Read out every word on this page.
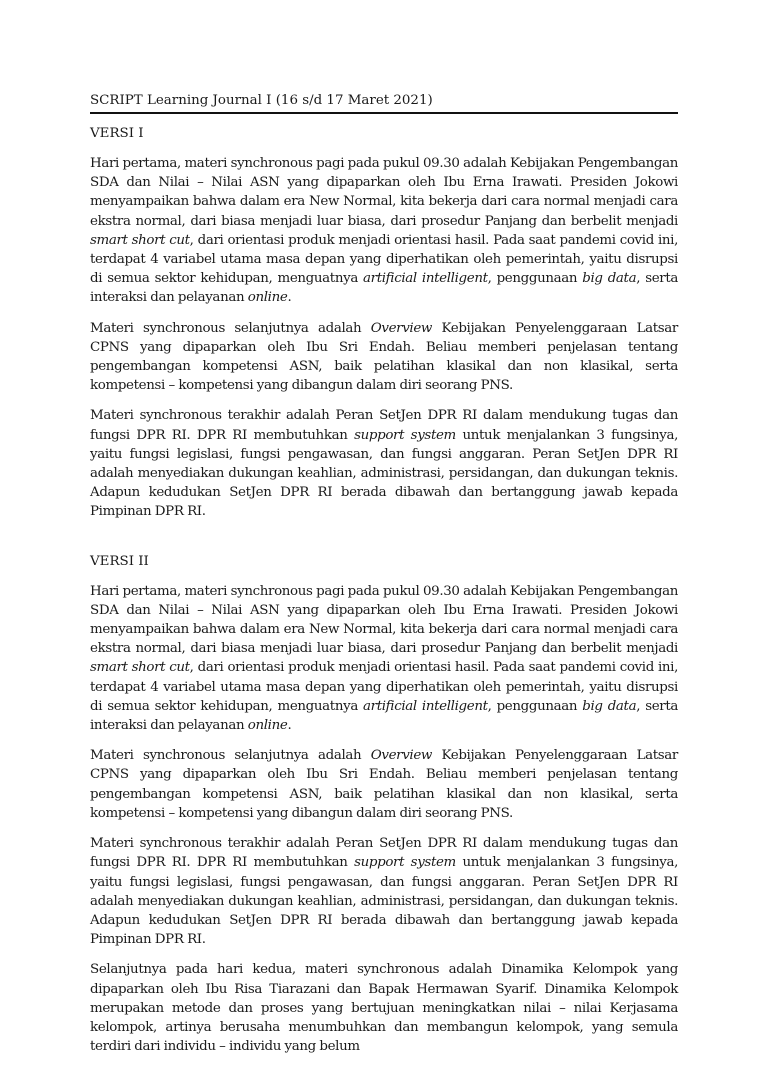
SCRIPT Learning Journal I (16 s/d 17 Maret 2021)
VERSI I

Hari pertama, materi synchronous pagi pada pukul 09.30 adalah Kebijakan Pengembangan SDA dan Nilai – Nilai ASN yang dipaparkan oleh Ibu Erna Irawati. Presiden Jokowi menyampaikan bahwa dalam era New Normal, kita bekerja dari cara normal menjadi cara ekstra normal, dari biasa menjadi luar biasa, dari prosedur Panjang dan berbelit menjadi smart short cut, dari orientasi produk menjadi orientasi hasil. Pada saat pandemi covid ini, terdapat 4 variabel utama masa depan yang diperhatikan oleh pemerintah, yaitu disrupsi di semua sektor kehidupan, menguatnya artificial intelligent, penggunaan big data, serta interaksi dan pelayanan online.

Materi synchronous selanjutnya adalah Overview Kebijakan Penyelenggaraan Latsar CPNS yang dipaparkan oleh Ibu Sri Endah. Beliau memberi penjelasan tentang pengembangan kompetensi ASN, baik pelatihan klasikal dan non klasikal, serta kompetensi – kompetensi yang dibangun dalam diri seorang PNS.

Materi synchronous terakhir adalah Peran SetJen DPR RI dalam mendukung tugas dan fungsi DPR RI. DPR RI membutuhkan support system untuk menjalankan 3 fungsinya, yaitu fungsi legislasi, fungsi pengawasan, dan fungsi anggaran. Peran SetJen DPR RI adalah menyediakan dukungan keahlian, administrasi, persidangan, dan dukungan teknis. Adapun kedudukan SetJen DPR RI berada dibawah dan bertanggung jawab kepada Pimpinan DPR RI.

VERSI II

Hari pertama, materi synchronous pagi pada pukul 09.30 adalah Kebijakan Pengembangan SDA dan Nilai – Nilai ASN yang dipaparkan oleh Ibu Erna Irawati. Presiden Jokowi menyampaikan bahwa dalam era New Normal, kita bekerja dari cara normal menjadi cara ekstra normal, dari biasa menjadi luar biasa, dari prosedur Panjang dan berbelit menjadi smart short cut, dari orientasi produk menjadi orientasi hasil. Pada saat pandemi covid ini, terdapat 4 variabel utama masa depan yang diperhatikan oleh pemerintah, yaitu disrupsi di semua sektor kehidupan, menguatnya artificial intelligent, penggunaan big data, serta interaksi dan pelayanan online.

Materi synchronous selanjutnya adalah Overview Kebijakan Penyelenggaraan Latsar CPNS yang dipaparkan oleh Ibu Sri Endah. Beliau memberi penjelasan tentang pengembangan kompetensi ASN, baik pelatihan klasikal dan non klasikal, serta kompetensi – kompetensi yang dibangun dalam diri seorang PNS.

Materi synchronous terakhir adalah Peran SetJen DPR RI dalam mendukung tugas dan fungsi DPR RI. DPR RI membutuhkan support system untuk menjalankan 3 fungsinya, yaitu fungsi legislasi, fungsi pengawasan, dan fungsi anggaran. Peran SetJen DPR RI adalah menyediakan dukungan keahlian, administrasi, persidangan, dan dukungan teknis. Adapun kedudukan SetJen DPR RI berada dibawah dan bertanggung jawab kepada Pimpinan DPR RI.

Selanjutnya pada hari kedua, materi synchronous adalah Dinamika Kelompok yang dipaparkan oleh Ibu Risa Tiarazani dan Bapak Hermawan Syarif. Dinamika Kelompok merupakan metode dan proses yang bertujuan meningkatkan nilai – nilai Kerjasama kelompok, artinya berusaha menumbuhkan dan membangun kelompok, yang semula terdiri dari individu – individu yang belum
